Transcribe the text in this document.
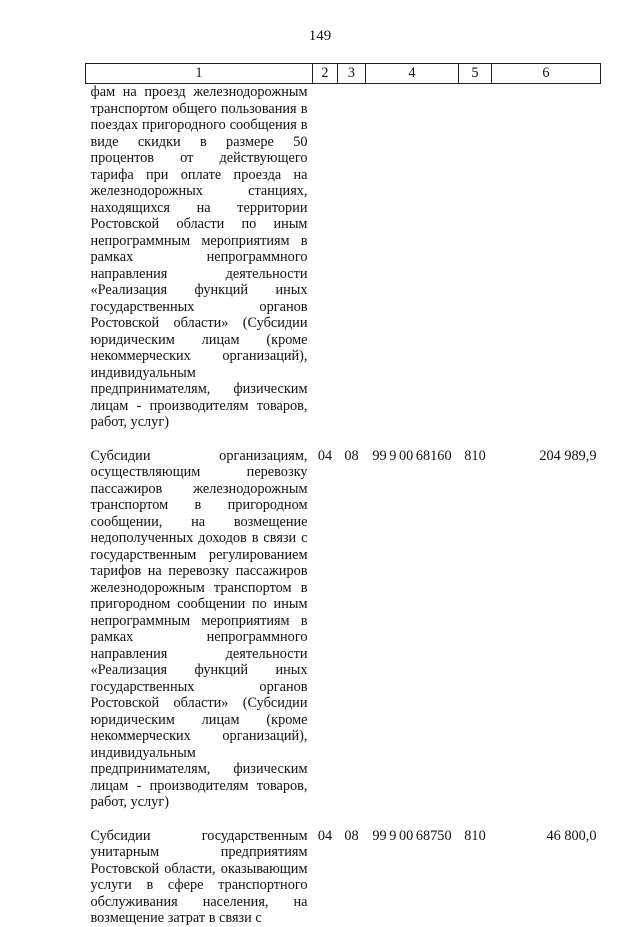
149
1	2	3	4	5	6
фам на проезд железнодорожным транспортом общего пользования в поездах пригородного сообщения в виде скидки в размере 50 процентов от действующего тарифа при оплате проезда на железнодорожных станциях, находящихся на территории Ростовской области по иным непрограммным мероприятиям в рамках непрограммного направления деятельности «Реализация функций иных государственных органов Ростовской области» (Субсидии юридическим лицам (кроме некоммерческих организаций), индивидуальным предпринимателям, физическим лицам - производителям товаров, работ, услуг)					
Субсидии организациям, осуществляющим перевозку пассажиров железнодорожным транспортом в пригородном сообщении, на возмещение недополученных доходов в связи с государственным регулированием тарифов на перевозку пассажиров железнодорожным транспортом в пригородном сообщении по иным непрограммным мероприятиям в рамках непрограммного направления деятельности «Реализация функций иных государственных органов Ростовской области» (Субсидии юридическим лицам (кроме некоммерческих организаций), индивидуальным предпринимателям, физическим лицам - производителям товаров, работ, услуг)	04	08	99 9 00 68160	810	204 989,9
Субсидии государственным унитарным предприятиям Ростовской области, оказывающим услуги в сфере транспортного обслуживания населения, на возмещение затрат в связи с	04	08	99 9 00 68750	810	46 800,0
